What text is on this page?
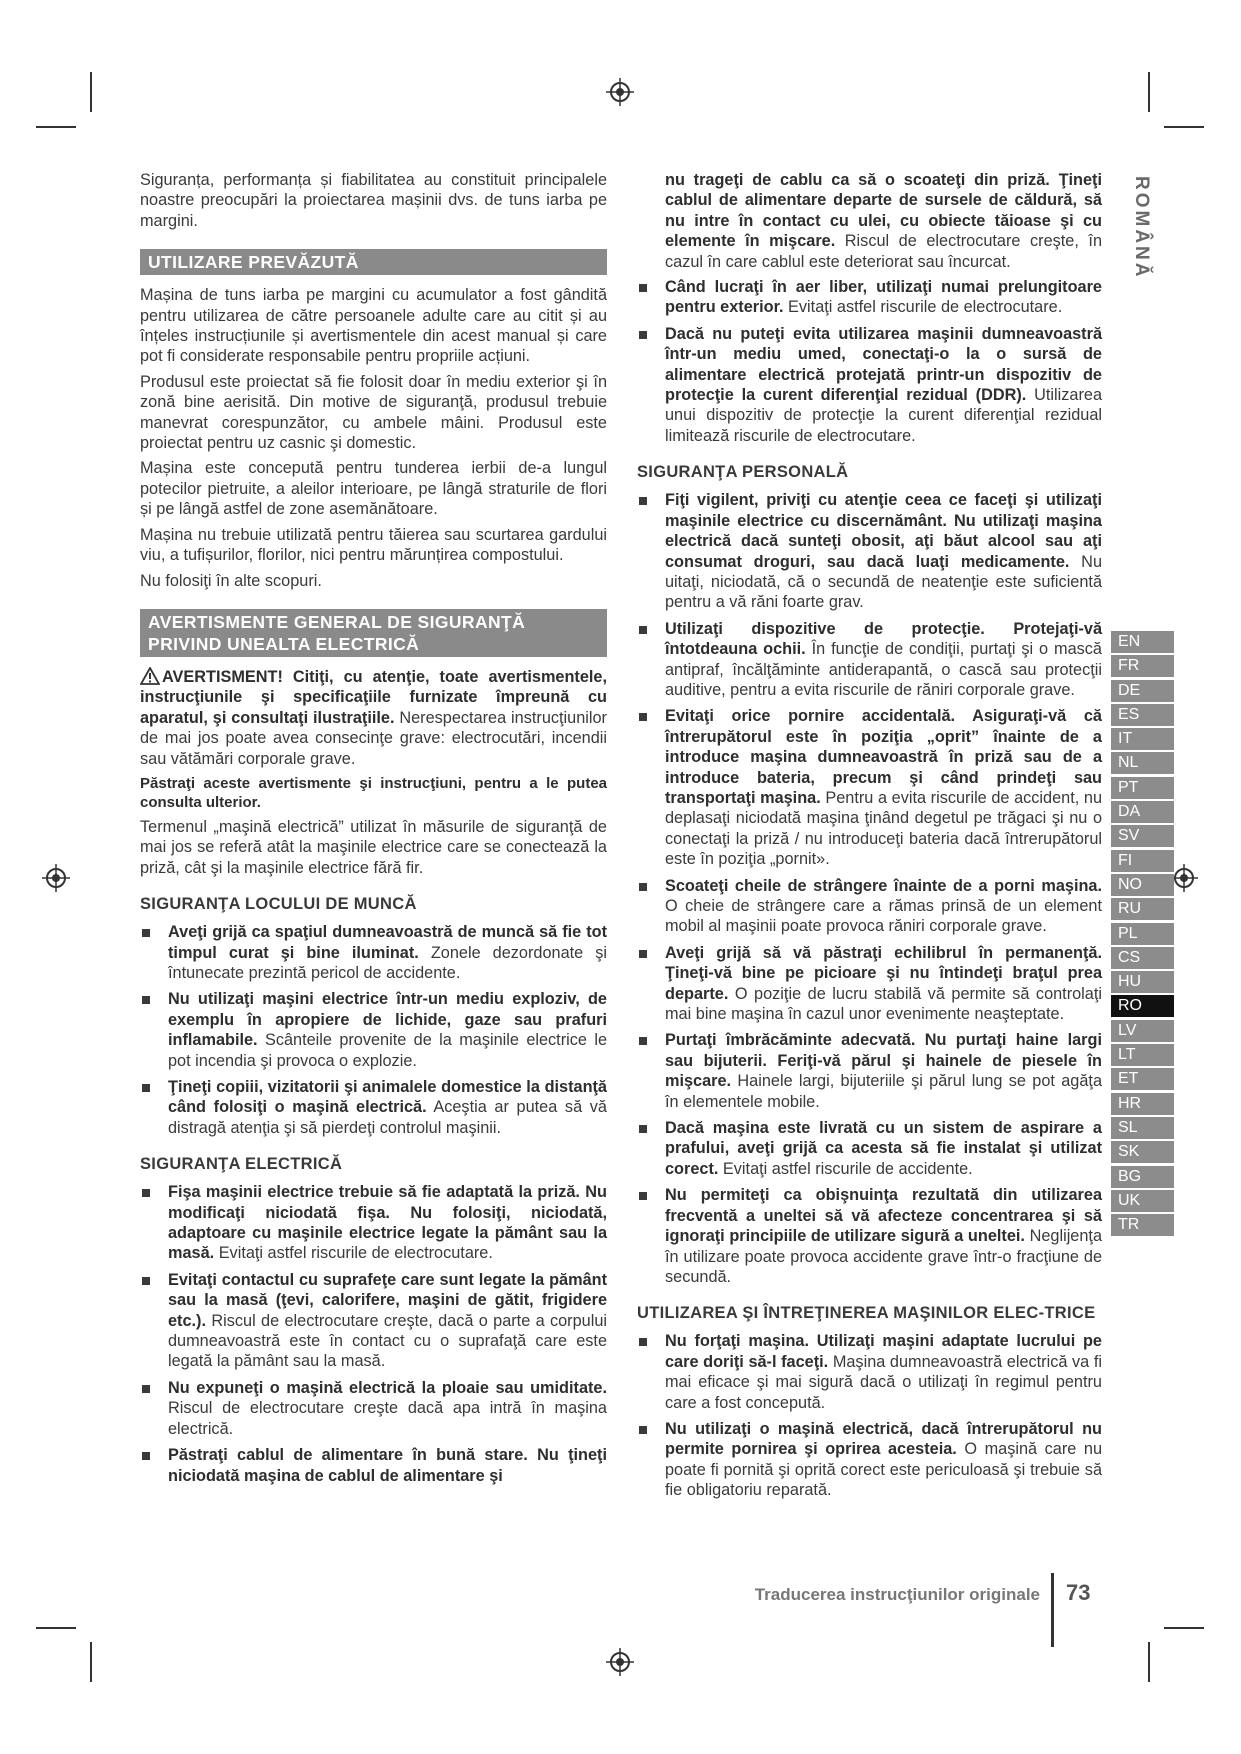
Siguranța, performanța și fiabilitatea au constituit principalele noastre preocupări la proiectarea mașinii dvs. de tuns iarba pe margini.

UTILIZARE PREVĂZUTĂ

Mașina de tuns iarba pe margini cu acumulator a fost gândită pentru utilizarea de către persoanele adulte care au citit și au înțeles instrucțiunile și avertismentele din acest manual și care pot fi considerate responsabile pentru propriile acțiuni.

Produsul este proiectat să fie folosit doar în mediu exterior şi în zonă bine aerisită. Din motive de siguranţă, produsul trebuie manevrat corespunzător, cu ambele mâini. Produsul este proiectat pentru uz casnic şi domestic.

Mașina este concepută pentru tunderea ierbii de-a lungul potecilor pietruite, a aleilor interioare, pe lângă straturile de flori și pe lângă astfel de zone asemănătoare.

Mașina nu trebuie utilizată pentru tăierea sau scurtarea gardului viu, a tufișurilor, florilor, nici pentru mărunțirea compostului.

Nu folosiţi în alte scopuri.

AVERTISMENTE GENERAL DE SIGURANŢĂ
PRIVIND UNEALTA ELECTRICĂ

AVERTISMENT! Citiţi, cu atenţie, toate avertismentele, instrucţiunile şi specificaţiile furnizate împreună cu aparatul, şi consultaţi ilustraţiile. Nerespectarea instrucţiunilor de mai jos poate avea consecinţe grave: electrocutări, incendii sau vătămări corporale grave.

Păstraţi aceste avertismente şi instrucţiuni, pentru a le putea consulta ulterior.

Termenul „maşină electrică” utilizat în măsurile de siguranţă de mai jos se referă atât la maşinile electrice care se conectează la priză, cât şi la maşinile electrice fără fir.

SIGURANŢA LOCULUI DE MUNCĂ
Aveţi grijă ca spaţiul dumneavoastră de muncă să fie tot timpul curat şi bine iluminat. Zonele dezordonate şi întunecate prezintă pericol de accidente.
Nu utilizaţi maşini electrice într-un mediu exploziv, de exemplu în apropiere de lichide, gaze sau prafuri inflamabile. Scânteile provenite de la maşinile electrice le pot incendia şi provoca o explozie.
Ţineţi copiii, vizitatorii şi animalele domestice la distanţă când folosiţi o maşină electrică. Aceştia ar putea să vă distragă atenţia şi să pierdeţi controlul maşinii.
SIGURANŢA ELECTRICĂ
Fişa maşinii electrice trebuie să fie adaptată la priză. Nu modificaţi niciodată fişa. Nu folosiţi, niciodată, adaptoare cu maşinile electrice legate la pământ sau la masă. Evitaţi astfel riscurile de electrocutare.
Evitaţi contactul cu suprafeţe care sunt legate la pământ sau la masă (ţevi, calorifere, maşini de gătit, frigidere etc.). Riscul de electrocutare creşte, dacă o parte a corpului dumneavoastră este în contact cu o suprafaţă care este legată la pământ sau la masă.
Nu expuneţi o maşină electrică la ploaie sau umiditate. Riscul de electrocutare creşte dacă apa intră în maşina electrică.
Păstraţi cablul de alimentare în bună stare. Nu ţineţi niciodată maşina de cablul de alimentare şi

nu trageţi de cablu ca să o scoateţi din priză. Ţineţi cablul de alimentare departe de sursele de căldură, să nu intre în contact cu ulei, cu obiecte tăioase şi cu elemente în mişcare. Riscul de electrocutare creşte, în cazul în care cablul este deteriorat sau încurcat.

Când lucraţi în aer liber, utilizaţi numai prelungitoare pentru exterior. Evitaţi astfel riscurile de electrocutare.
Dacă nu puteţi evita utilizarea maşinii dumneavoastră într-un mediu umed, conectaţi-o la o sursă de alimentare electrică protejată printr-un dispozitiv de protecţie la curent diferenţial rezidual (DDR). Utilizarea unui dispozitiv de protecţie la curent diferenţial rezidual limitează riscurile de electrocutare.
SIGURANŢA PERSONALĂ
Fiţi vigilent, priviţi cu atenţie ceea ce faceţi şi utilizaţi maşinile electrice cu discernământ. Nu utilizaţi maşina electrică dacă sunteţi obosit, aţi băut alcool sau aţi consumat droguri, sau dacă luaţi medicamente. Nu uitaţi, niciodată, că o secundă de neatenţie este suficientă pentru a vă răni foarte grav.
Utilizaţi dispozitive de protecţie. Protejaţi-vă întotdeauna ochii. În funcţie de condiţii, purtaţi şi o mască antipraf, încălţăminte antiderapantă, o cască sau protecţii auditive, pentru a evita riscurile de răniri corporale grave.
Evitaţi orice pornire accidentală. Asiguraţi-vă că întrerupătorul este în poziţia „oprit” înainte de a introduce maşina dumneavoastră în priză sau de a introduce bateria, precum şi când prindeţi sau transportaţi maşina. Pentru a evita riscurile de accident, nu deplasaţi niciodată maşina ţinând degetul pe trăgaci şi nu o conectaţi la priză / nu introduceţi bateria dacă întrerupătorul este în poziţia „pornit».
Scoateţi cheile de strângere înainte de a porni maşina. O cheie de strângere care a rămas prinsă de un element mobil al maşinii poate provoca răniri corporale grave.
Aveţi grijă să vă păstraţi echilibrul în permanenţă. Ţineţi-vă bine pe picioare şi nu întindeţi braţul prea departe. O poziţie de lucru stabilă vă permite să controlaţi mai bine maşina în cazul unor evenimente neaşteptate.
Purtaţi îmbrăcăminte adecvată. Nu purtaţi haine largi sau bijuterii. Feriţi-vă părul şi hainele de piesele în mişcare. Hainele largi, bijuteriile şi părul lung se pot agăţa în elementele mobile.
Dacă maşina este livrată cu un sistem de aspirare a prafului, aveţi grijă ca acesta să fie instalat şi utilizat corect. Evitaţi astfel riscurile de accidente.
Nu permiteţi ca obişnuinţa rezultată din utilizarea frecventă a uneltei să vă afecteze concentrarea şi să ignoraţi principiile de utilizare sigură a uneltei. Neglijenţa în utilizare poate provoca accidente grave într-o fracţiune de secundă.
UTILIZAREA ŞI ÎNTREŢINEREA MAŞINILOR ELEC-TRICE
Nu forţaţi maşina. Utilizaţi maşini adaptate lucrului pe care doriţi să-l faceţi. Maşina dumneavoastră electrică va fi mai eficace şi mai sigură dacă o utilizaţi în regimul pentru care a fost concepută.
Nu utilizaţi o maşină electrică, dacă întrerupătorul nu permite pornirea şi oprirea acesteia. O maşină care nu poate fi pornită şi oprită corect este periculoasă şi trebuie să fie obligatoriu reparată.
ROMÂNĂ
EN
FR
DE
ES
IT
NL
PT
DA
SV
FI
NO
RU
PL
CS
HU
RO
LV
LT
ET
HR
SL
SK
BG
UK
TR
Traducerea instrucţiunilor originale 73
